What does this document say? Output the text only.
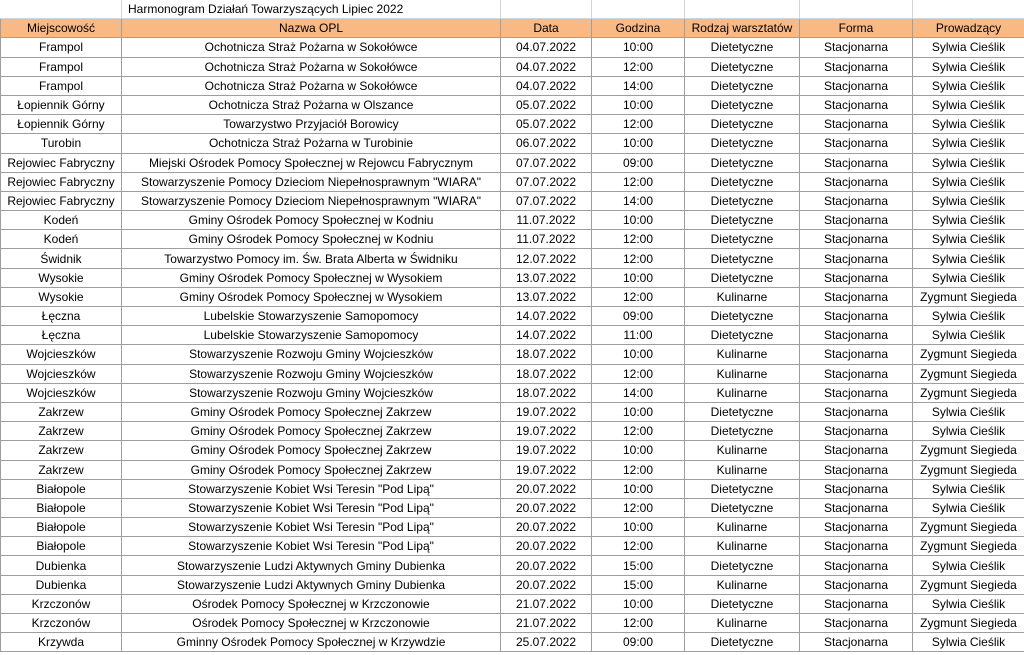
	Harmonogram Działań Towarzyszących Lipiec 2022					
Miejscowość	Nazwa OPL	Data	Godzina	Rodzaj warsztatów	Forma	Prowadzący
Frampol	Ochotnicza Straż Pożarna w Sokołówce	04.07.2022	10:00	Dietetyczne	Stacjonarna	Sylwia Cieślik
Frampol	Ochotnicza Straż Pożarna w Sokołówce	04.07.2022	12:00	Dietetyczne	Stacjonarna	Sylwia Cieślik
Frampol	Ochotnicza Straż Pożarna w Sokołówce	04.07.2022	14:00	Dietetyczne	Stacjonarna	Sylwia Cieślik
Łopiennik Górny	Ochotnicza Straż Pożarna w Olszance	05.07.2022	10:00	Dietetyczne	Stacjonarna	Sylwia Cieślik
Łopiennik Górny	Towarzystwo Przyjaciół Borowicy	05.07.2022	12:00	Dietetyczne	Stacjonarna	Sylwia Cieślik
Turobin	Ochotnicza Straż Pożarna w Turobinie	06.07.2022	10:00	Dietetyczne	Stacjonarna	Sylwia Cieślik
Rejowiec Fabryczny	Miejski Ośrodek Pomocy Społecznej w Rejowcu Fabrycznym	07.07.2022	09:00	Dietetyczne	Stacjonarna	Sylwia Cieślik
Rejowiec Fabryczny	Stowarzyszenie Pomocy Dzieciom Niepełnosprawnym "WIARA"	07.07.2022	12:00	Dietetyczne	Stacjonarna	Sylwia Cieślik
Rejowiec Fabryczny	Stowarzyszenie Pomocy Dzieciom Niepełnosprawnym "WIARA"	07.07.2022	14:00	Dietetyczne	Stacjonarna	Sylwia Cieślik
Kodeń	Gminy Ośrodek Pomocy Społecznej w Kodniu	11.07.2022	10:00	Dietetyczne	Stacjonarna	Sylwia Cieślik
Kodeń	Gminy Ośrodek Pomocy Społecznej w Kodniu	11.07.2022	12:00	Dietetyczne	Stacjonarna	Sylwia Cieślik
Świdnik	Towarzystwo Pomocy im. Św. Brata Alberta w Świdniku	12.07.2022	12:00	Dietetyczne	Stacjonarna	Sylwia Cieślik
Wysokie	Gminy Ośrodek Pomocy Społecznej w Wysokiem	13.07.2022	10:00	Dietetyczne	Stacjonarna	Sylwia Cieślik
Wysokie	Gminy Ośrodek Pomocy Społecznej w Wysokiem	13.07.2022	12:00	Kulinarne	Stacjonarna	Zygmunt Siegieda
Łęczna	Lubelskie Stowarzyszenie Samopomocy	14.07.2022	09:00	Dietetyczne	Stacjonarna	Sylwia Cieślik
Łęczna	Lubelskie Stowarzyszenie Samopomocy	14.07.2022	11:00	Dietetyczne	Stacjonarna	Sylwia Cieślik
Wojcieszków	Stowarzyszenie Rozwoju Gminy Wojcieszków	18.07.2022	10:00	Kulinarne	Stacjonarna	Zygmunt Siegieda
Wojcieszków	Stowarzyszenie Rozwoju Gminy Wojcieszków	18.07.2022	12:00	Kulinarne	Stacjonarna	Zygmunt Siegieda
Wojcieszków	Stowarzyszenie Rozwoju Gminy Wojcieszków	18.07.2022	14:00	Kulinarne	Stacjonarna	Zygmunt Siegieda
Zakrzew	Gminy Ośrodek Pomocy Społecznej Zakrzew	19.07.2022	10:00	Dietetyczne	Stacjonarna	Sylwia Cieślik
Zakrzew	Gminy Ośrodek Pomocy Społecznej Zakrzew	19.07.2022	12:00	Dietetyczne	Stacjonarna	Sylwia Cieślik
Zakrzew	Gminy Ośrodek Pomocy Społecznej Zakrzew	19.07.2022	10:00	Kulinarne	Stacjonarna	Zygmunt Siegieda
Zakrzew	Gminy Ośrodek Pomocy Społecznej Zakrzew	19.07.2022	12:00	Kulinarne	Stacjonarna	Zygmunt Siegieda
Białopole	Stowarzyszenie Kobiet Wsi Teresin "Pod Lipą"	20.07.2022	10:00	Dietetyczne	Stacjonarna	Sylwia Cieślik
Białopole	Stowarzyszenie Kobiet Wsi Teresin "Pod Lipą"	20.07.2022	12:00	Dietetyczne	Stacjonarna	Sylwia Cieślik
Białopole	Stowarzyszenie Kobiet Wsi Teresin "Pod Lipą"	20.07.2022	10:00	Kulinarne	Stacjonarna	Zygmunt Siegieda
Białopole	Stowarzyszenie Kobiet Wsi Teresin "Pod Lipą"	20.07.2022	12:00	Kulinarne	Stacjonarna	Zygmunt Siegieda
Dubienka	Stowarzyszenie Ludzi Aktywnych Gminy Dubienka	20.07.2022	15:00	Dietetyczne	Stacjonarna	Sylwia Cieślik
Dubienka	Stowarzyszenie Ludzi Aktywnych Gminy Dubienka	20.07.2022	15:00	Kulinarne	Stacjonarna	Zygmunt Siegieda
Krzczonów	Ośrodek Pomocy Społecznej w Krzczonowie	21.07.2022	10:00	Dietetyczne	Stacjonarna	Sylwia Cieślik
Krzczonów	Ośrodek Pomocy Społecznej w Krzczonowie	21.07.2022	12:00	Kulinarne	Stacjonarna	Zygmunt Siegieda
Krzywda	Gminny Ośrodek Pomocy Społecznej w Krzywdzie	25.07.2022	09:00	Dietetyczne	Stacjonarna	Sylwia Cieślik
